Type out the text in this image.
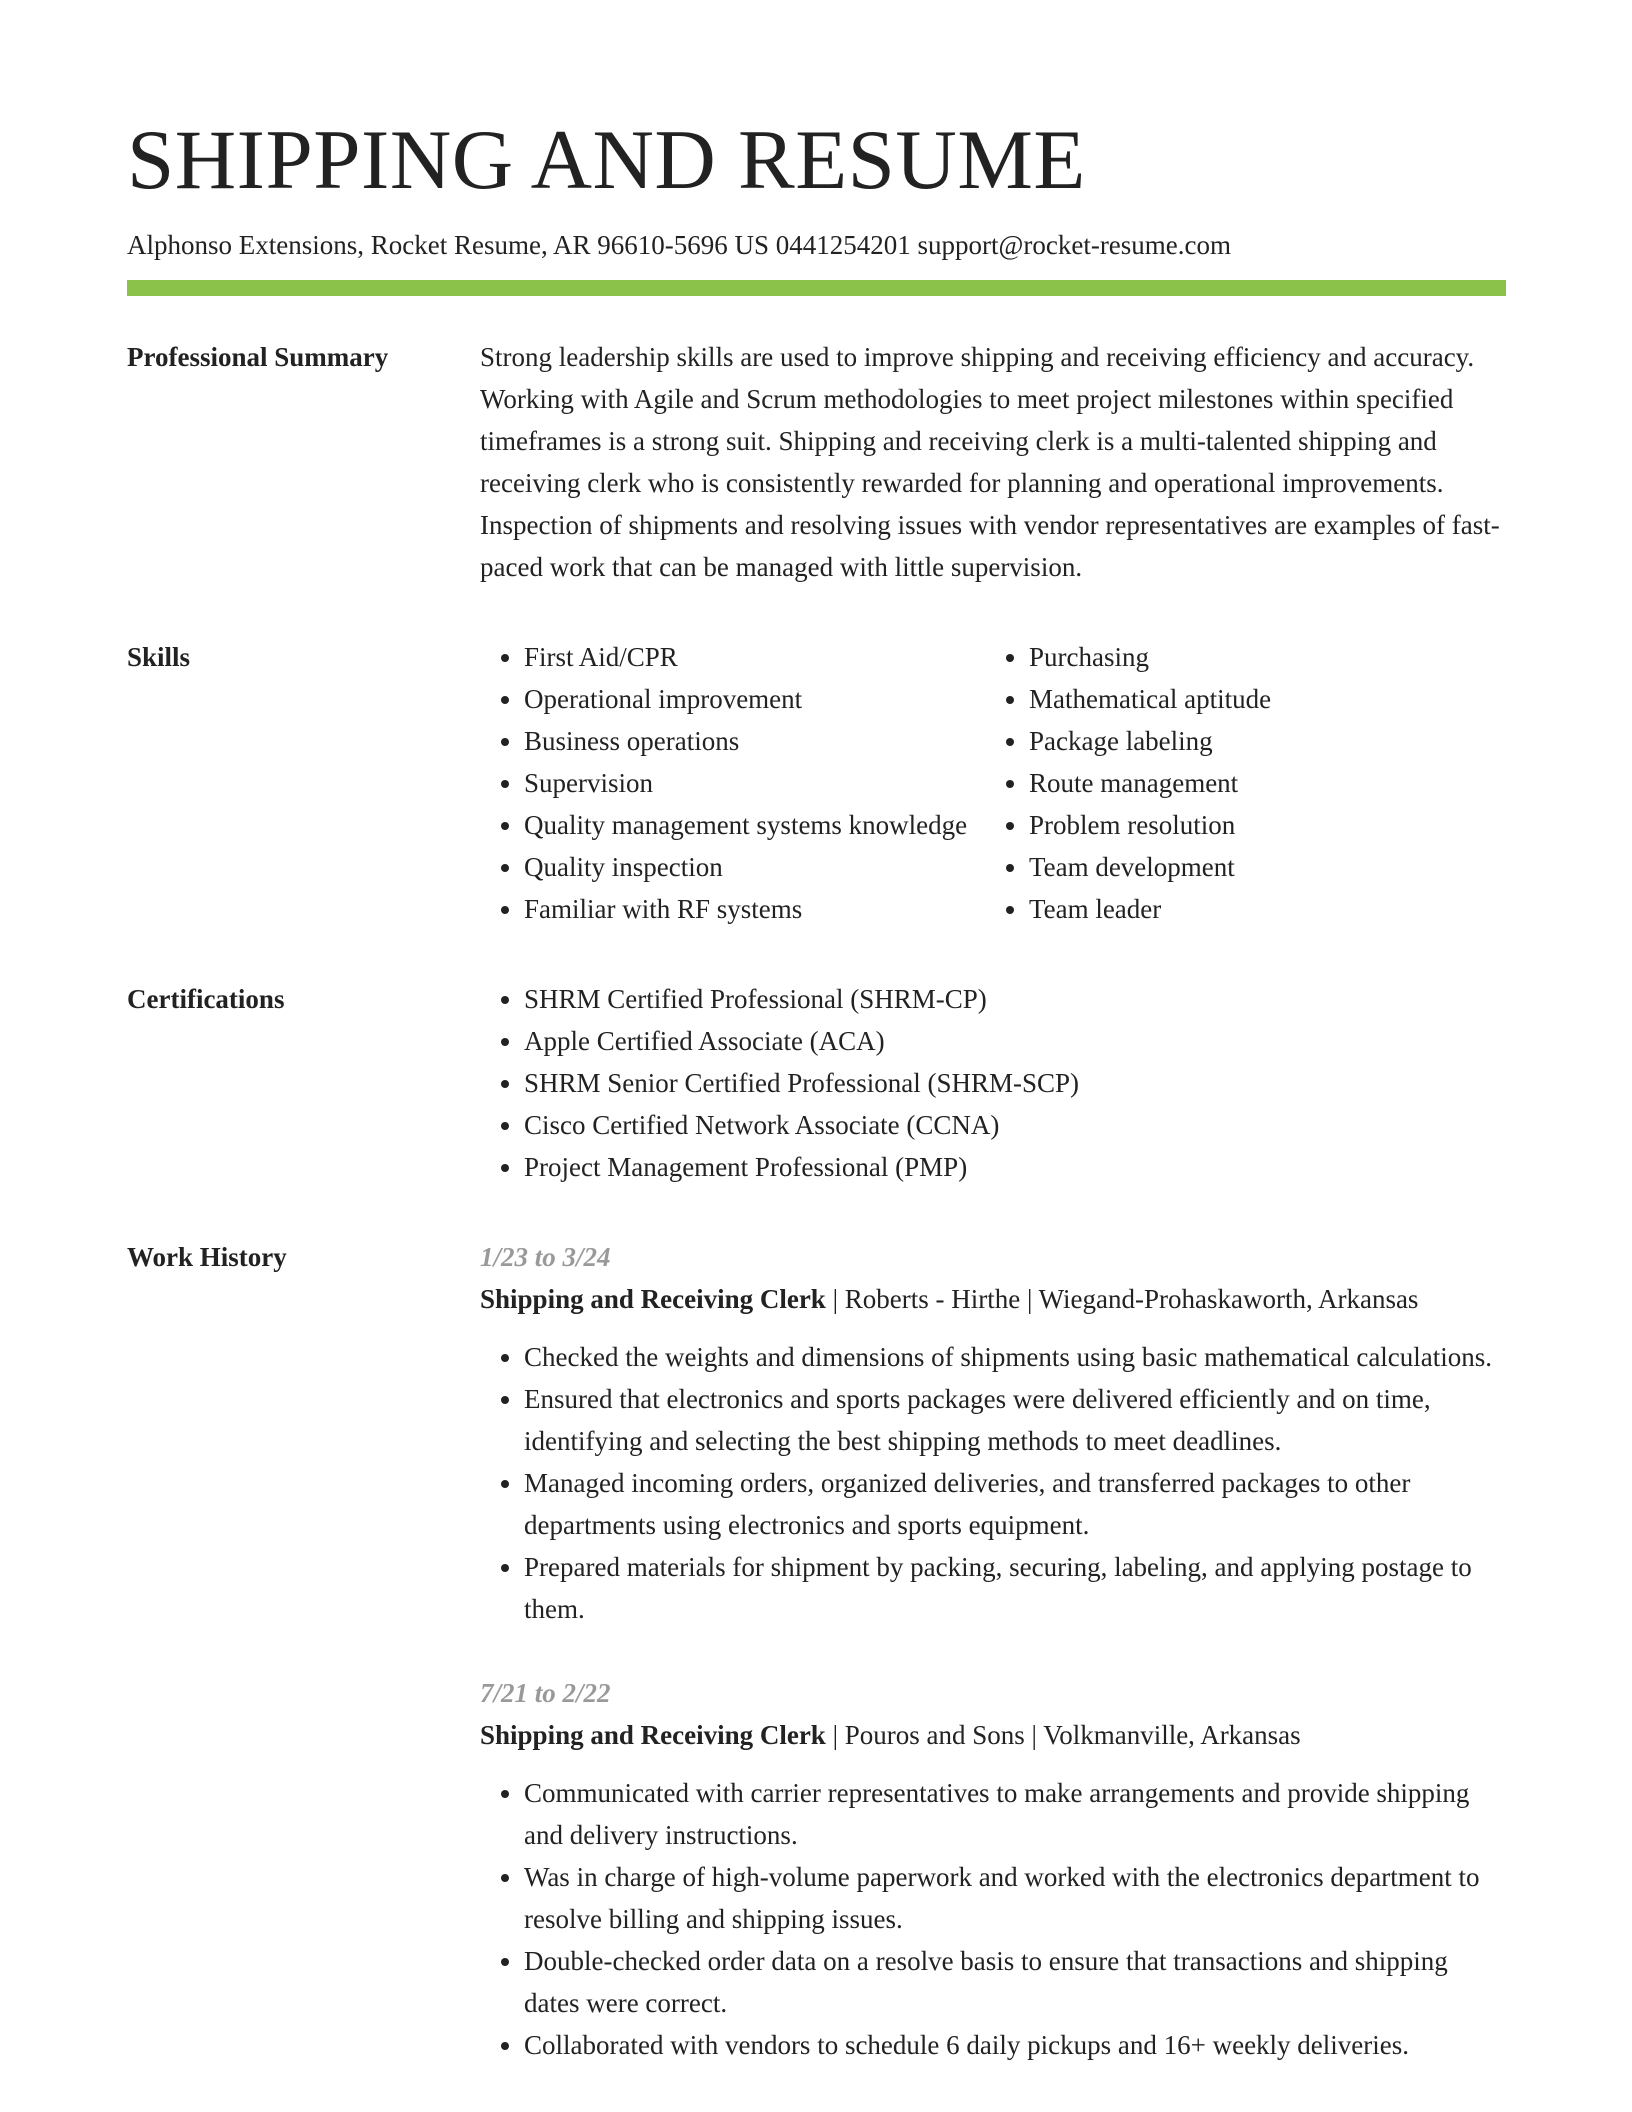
SHIPPING AND RESUME
Alphonso Extensions, Rocket Resume, AR 96610-5696 US 0441254201 support@rocket-resume.com
Professional Summary	Strong leadership skills are used to improve shipping and receiving efficiency and accuracy. Working with Agile and Scrum methodologies to meet project milestones within specified timeframes is a strong suit. Shipping and receiving clerk is a multi-talented shipping and receiving clerk who is consistently rewarded for planning and operational improvements. Inspection of shipments and resolving issues with vendor representatives are examples of fast-paced work that can be managed with little supervision.
Skills	• First Aid/CPR
• Operational improvement
• Business operations
• Supervision
• Quality management systems knowledge
• Quality inspection
• Familiar with RF systems
• Purchasing
• Mathematical aptitude
• Package labeling
• Route management
• Problem resolution
• Team development
• Team leader
Certifications	• SHRM Certified Professional (SHRM-CP)
• Apple Certified Associate (ACA)
• SHRM Senior Certified Professional (SHRM-SCP)
• Cisco Certified Network Associate (CCNA)
• Project Management Professional (PMP)
Work History	1/23 to 3/24
Shipping and Receiving Clerk | Roberts - Hirthe | Wiegand-Prohaskaworth, Arkansas
• Checked the weights and dimensions of shipments using basic mathematical calculations.
• Ensured that electronics and sports packages were delivered efficiently and on time, identifying and selecting the best shipping methods to meet deadlines.
• Managed incoming orders, organized deliveries, and transferred packages to other departments using electronics and sports equipment.
• Prepared materials for shipment by packing, securing, labeling, and applying postage to them.
7/21 to 2/22
Shipping and Receiving Clerk | Pouros and Sons | Volkmanville, Arkansas
• Communicated with carrier representatives to make arrangements and provide shipping and delivery instructions.
• Was in charge of high-volume paperwork and worked with the electronics department to resolve billing and shipping issues.
• Double-checked order data on a resolve basis to ensure that transactions and shipping dates were correct.
• Collaborated with vendors to schedule 6 daily pickups and 16+ weekly deliveries.
